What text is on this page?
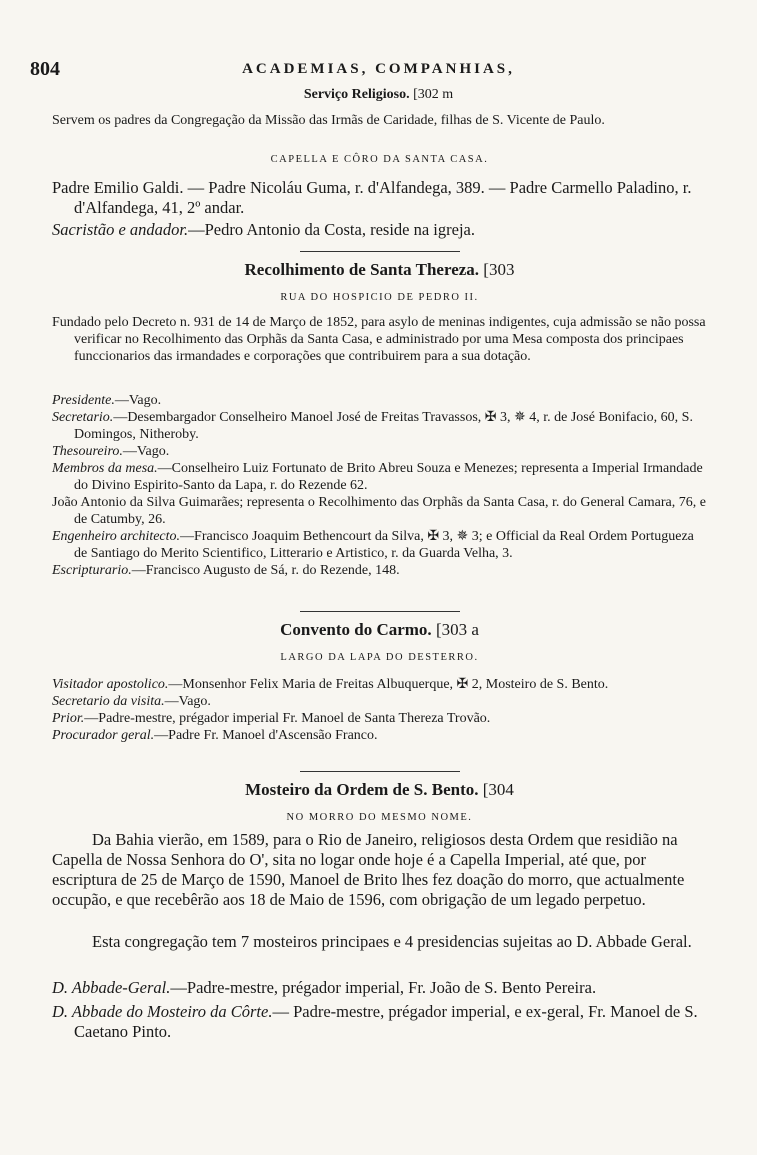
804	ACADEMIAS, COMPANHIAS,
Serviço Religioso. [302 m

Servem os padres da Congregação da Missão das Irmãs de Caridade, filhas de S. Vicente de Paulo.

CAPELLA E CÔRO DA SANTA CASA.

Padre Emilio Galdi. — Padre Nicoláu Guma, r. d'Alfandega, 389. — Padre Carmello Paladino, r. d'Alfandega, 41, 2º andar.

Sacristão e andador.—Pedro Antonio da Costa, reside na igreja.

Recolhimento de Santa Thereza. [303
RUA DO HOSPICIO DE PEDRO II.

Fundado pelo Decreto n. 931 de 14 de Março de 1852, para asylo de meninas indigentes, cuja admissão se não possa verificar no Recolhimento das Orphãs da Santa Casa, e administrado por uma Mesa composta dos principaes funccionarios das irmandades e corporações que contribuirem para a sua dotação.

Presidente.—Vago.

Secretario.—Desembargador Conselheiro Manoel José de Freitas Travassos, ✠ 3, ✵ 4, r. de José Bonifacio, 60, S. Domingos, Nitheroby.

Thesoureiro.—Vago.

Membros da mesa.—Conselheiro Luiz Fortunato de Brito Abreu Souza e Menezes; representa a Imperial Irmandade do Divino Espirito-Santo da Lapa, r. do Rezende 62.

João Antonio da Silva Guimarães; representa o Recolhimento das Orphãs da Santa Casa, r. do General Camara, 76, e de Catumby, 26.

Engenheiro architecto.—Francisco Joaquim Bethencourt da Silva, ✠ 3, ✵ 3; e Official da Real Ordem Portugueza de Santiago do Merito Scientifico, Litterario e Artistico, r. da Guarda Velha, 3.

Escripturario.—Francisco Augusto de Sá, r. do Rezende, 148.

Convento do Carmo. [303 a
LARGO DA LAPA DO DESTERRO.

Visitador apostolico.—Monsenhor Felix Maria de Freitas Albuquerque, ✠ 2, Mosteiro de S. Bento.

Secretario da visita.—Vago.

Prior.—Padre-mestre, prégador imperial Fr. Manoel de Santa Thereza Trovão.

Procurador geral.—Padre Fr. Manoel d'Ascensão Franco.

Mosteiro da Ordem de S. Bento. [304
NO MORRO DO MESMO NOME.

Da Bahia vierão, em 1589, para o Rio de Janeiro, religiosos desta Ordem que residião na Capella de Nossa Senhora do O', sita no logar onde hoje é a Capella Imperial, até que, por escriptura de 25 de Março de 1590, Manoel de Brito lhes fez doação do morro, que actualmente occupão, e que recebêrão aos 18 de Maio de 1596, com obrigação de um legado perpetuo.

Esta congregação tem 7 mosteiros principaes e 4 presidencias sujeitas ao D. Abbade Geral.

D. Abbade-Geral.—Padre-mestre, prégador imperial, Fr. João de S. Bento Pereira.

D. Abbade do Mosteiro da Côrte.— Padre-mestre, prégador imperial, e ex-geral, Fr. Manoel de S. Caetano Pinto.
